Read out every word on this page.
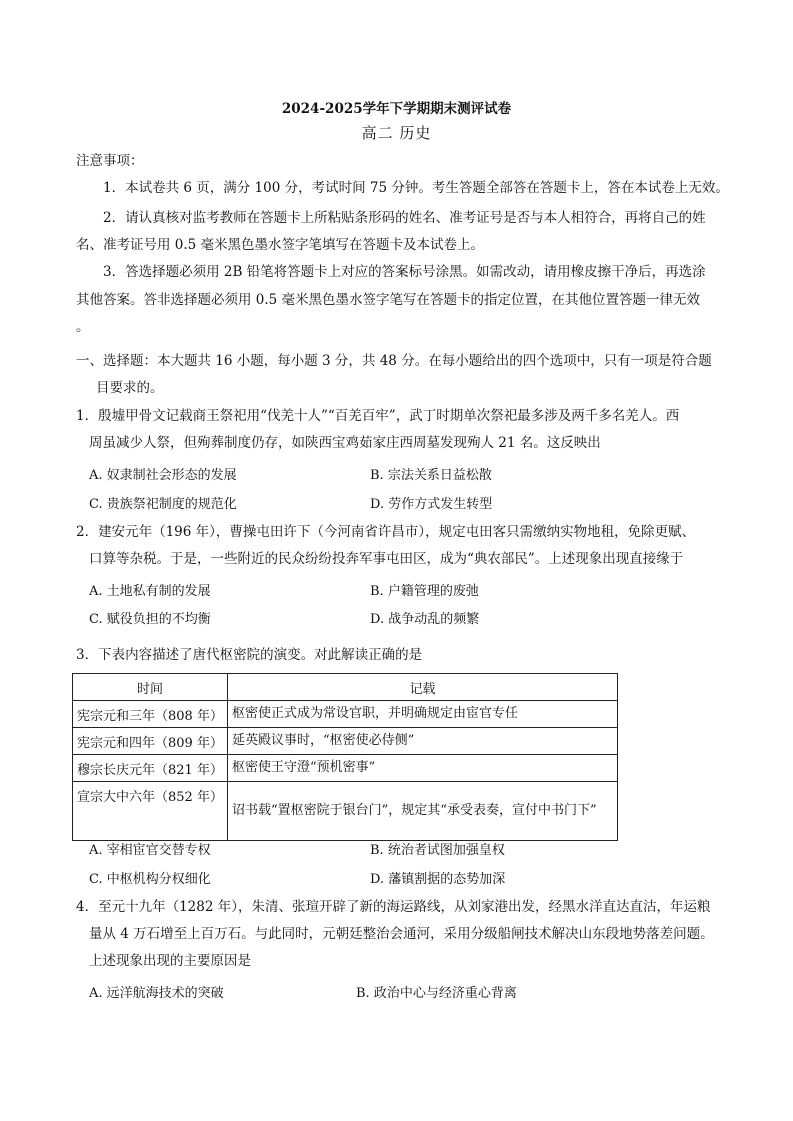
2024-2025学年下学期期末测评试卷
高二 历史
注意事项：
1．本试卷共 6 页，满分 100 分，考试时间 75 分钟。考生答题全部答在答题卡上，答在本试卷上无效。
2．请认真核对监考教师在答题卡上所粘贴条形码的姓名、准考证号是否与本人相符合，再将自己的姓
名、准考证号用 0.5 毫米黑色墨水签字笔填写在答题卡及本试卷上。
3．答选择题必须用 2B 铅笔将答题卡上对应的答案标号涂黑。如需改动，请用橡皮擦干净后，再选涂
其他答案。答非选择题必须用 0.5 毫米黑色墨水签字笔写在答题卡的指定位置，在其他位置答题一律无效
。
一、选择题：本大题共 16 小题，每小题 3 分，共 48 分。在每小题给出的四个选项中，只有一项是符合题
目要求的。
1．殷墟甲骨文记载商王祭祀用“伐羌十人”“百羌百牢”，武丁时期单次祭祀最多涉及两千多名羌人。西
周虽减少人祭，但殉葬制度仍存，如陕西宝鸡茹家庄西周墓发现殉人 21 名。这反映出
A. 奴隶制社会形态的发展	B. 宗法关系日益松散
C. 贵族祭祀制度的规范化	D. 劳作方式发生转型
2．建安元年（196 年），曹操屯田许下（今河南省许昌市），规定屯田客只需缴纳实物地租，免除更赋、
口算等杂税。于是，一些附近的民众纷纷投奔军事屯田区，成为“典农部民”。上述现象出现直接缘于
A. 土地私有制的发展	B. 户籍管理的废弛
C. 赋役负担的不均衡	D. 战争动乱的频繁
3．下表内容描述了唐代枢密院的演变。对此解读正确的是
时间	记载
宪宗元和三年（808 年）	枢密使正式成为常设官职，并明确规定由宦官专任
宪宗元和四年（809 年）	延英殿议事时，“枢密使必侍侧”
穆宗长庆元年（821 年）	枢密使王守澄“预机密事”
宣宗大中六年（852 年）	诏书载“置枢密院于银台门”，规定其“承受表奏，宣付中书门下”
A. 宰相宦官交替专权	B. 统治者试图加强皇权
C. 中枢机构分权细化	D. 藩镇割据的态势加深
4．至元十九年（1282 年），朱清、张瑄开辟了新的海运路线，从刘家港出发，经黑水洋直达直沽，年运粮
量从 4 万石增至上百万石。与此同时，元朝廷整治会通河，采用分级船闸技术解决山东段地势落差问题。
上述现象出现的主要原因是
A. 远洋航海技术的突破	B. 政治中心与经济重心背离
